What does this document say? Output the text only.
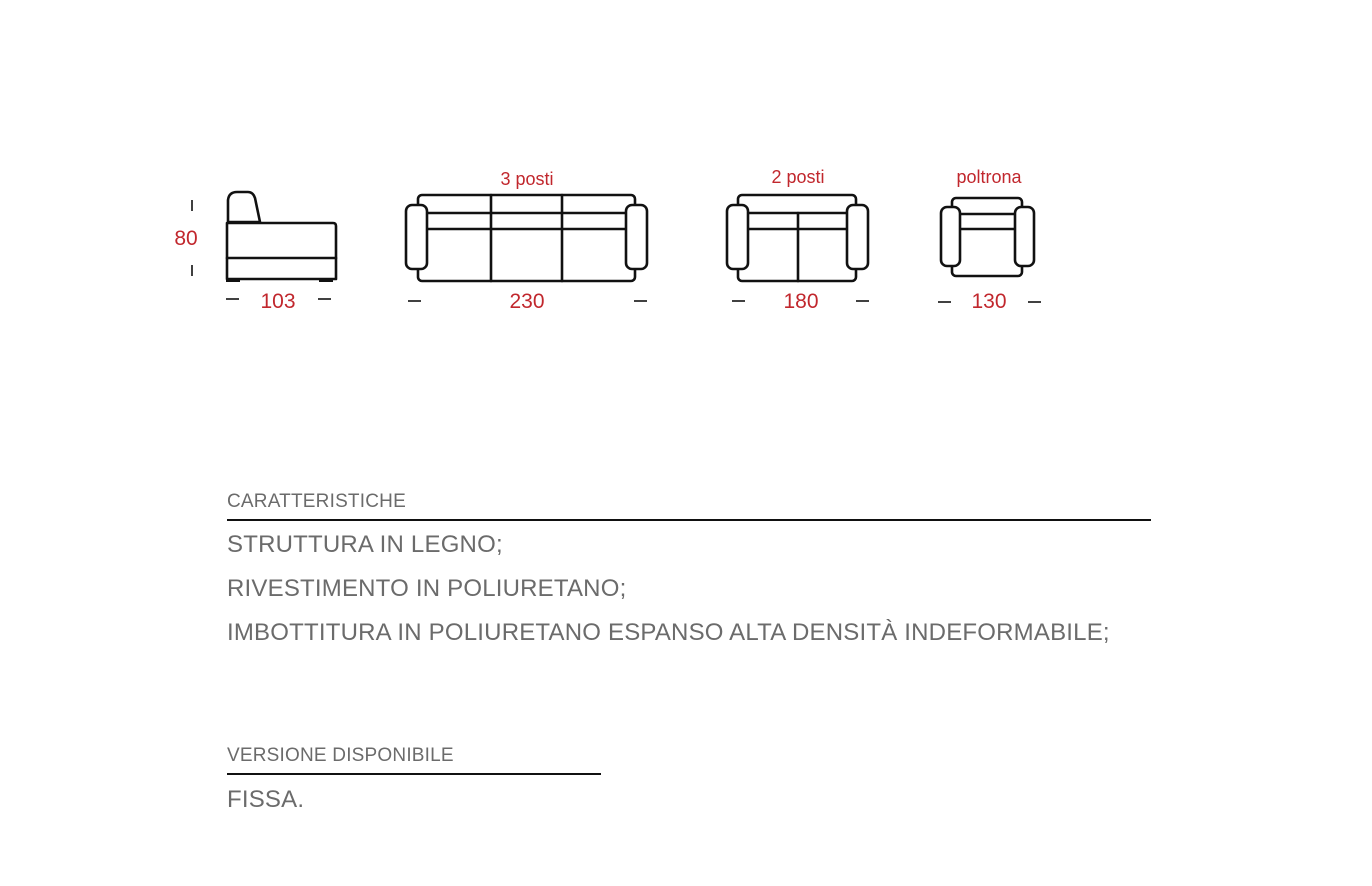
80
103
3 posti
230
2 posti
180
poltrona
130
CARATTERISTICHE
STRUTTURA IN LEGNO;
RIVESTIMENTO IN POLIURETANO;
IMBOTTITURA IN POLIURETANO ESPANSO ALTA DENSITÀ INDEFORMABILE;
VERSIONE DISPONIBILE
FISSA.
